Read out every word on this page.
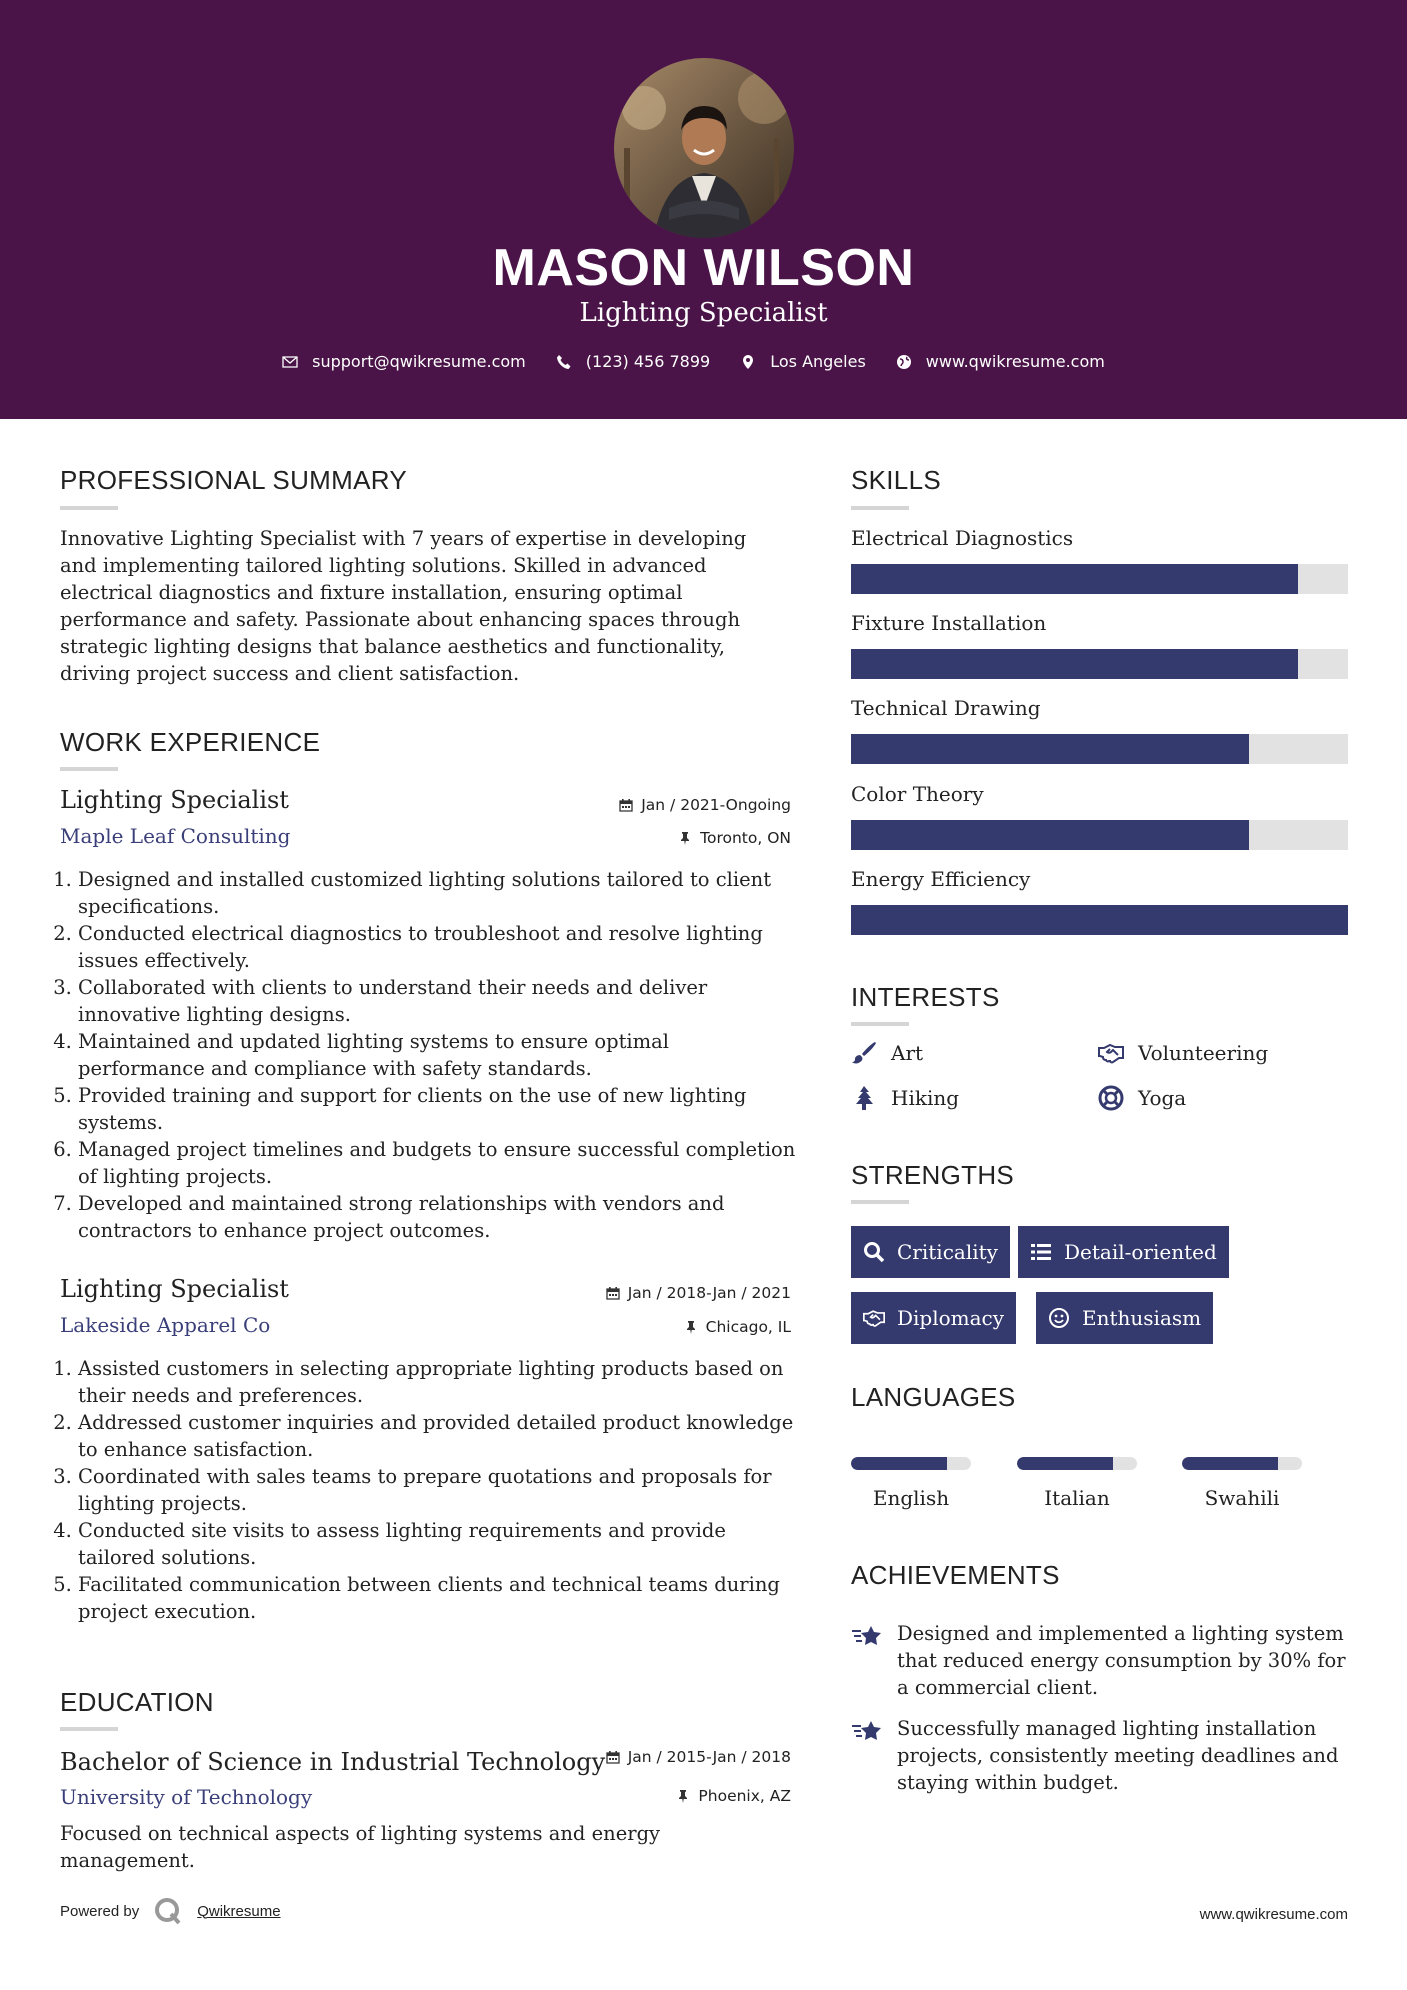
MASON WILSON
Lighting Specialist
support@qwikresume.com	(123) 456 7899	Los Angeles	www.qwikresume.com
PROFESSIONAL SUMMARY

Innovative Lighting Specialist with 7 years of expertise in developing and implementing tailored lighting solutions. Skilled in advanced electrical diagnostics and fixture installation, ensuring optimal performance and safety. Passionate about enhancing spaces through strategic lighting designs that balance aesthetics and functionality, driving project success and client satisfaction.

WORK EXPERIENCE
Lighting Specialist	Jan / 2021-Ongoing
Maple Leaf Consulting	Toronto, ON
1. Designed and installed customized lighting solutions tailored to client specifications.
2. Conducted electrical diagnostics to troubleshoot and resolve lighting issues effectively.
3. Collaborated with clients to understand their needs and deliver innovative lighting designs.
4. Maintained and updated lighting systems to ensure optimal performance and compliance with safety standards.
5. Provided training and support for clients on the use of new lighting systems.
6. Managed project timelines and budgets to ensure successful completion of lighting projects.
7. Developed and maintained strong relationships with vendors and contractors to enhance project outcomes.
Lighting Specialist	Jan / 2018-Jan / 2021
Lakeside Apparel Co	Chicago, IL
1. Assisted customers in selecting appropriate lighting products based on their needs and preferences.
2. Addressed customer inquiries and provided detailed product knowledge to enhance satisfaction.
3. Coordinated with sales teams to prepare quotations and proposals for lighting projects.
4. Conducted site visits to assess lighting requirements and provide tailored solutions.
5. Facilitated communication between clients and technical teams during project execution.
EDUCATION
Bachelor of Science in Industrial Technology Jan / 2015-Jan / 2018
University of Technology	Phoenix, AZ

Focused on technical aspects of lighting systems and energy management.

SKILLS
Electrical Diagnostics
Fixture Installation
Technical Drawing
Color Theory
Energy Efficiency
INTERESTS
Art	Volunteering
Hiking	Yoga
STRENGTHS
Criticality	Detail-oriented
Diplomacy	Enthusiasm
LANGUAGES
English	Italian	Swahili
ACHIEVEMENTS
Designed and implemented a lighting system that reduced energy consumption by 30% for a commercial client.
Successfully managed lighting installation projects, consistently meeting deadlines and staying within budget.
Powered by	Qwikresume	www.qwikresume.com
